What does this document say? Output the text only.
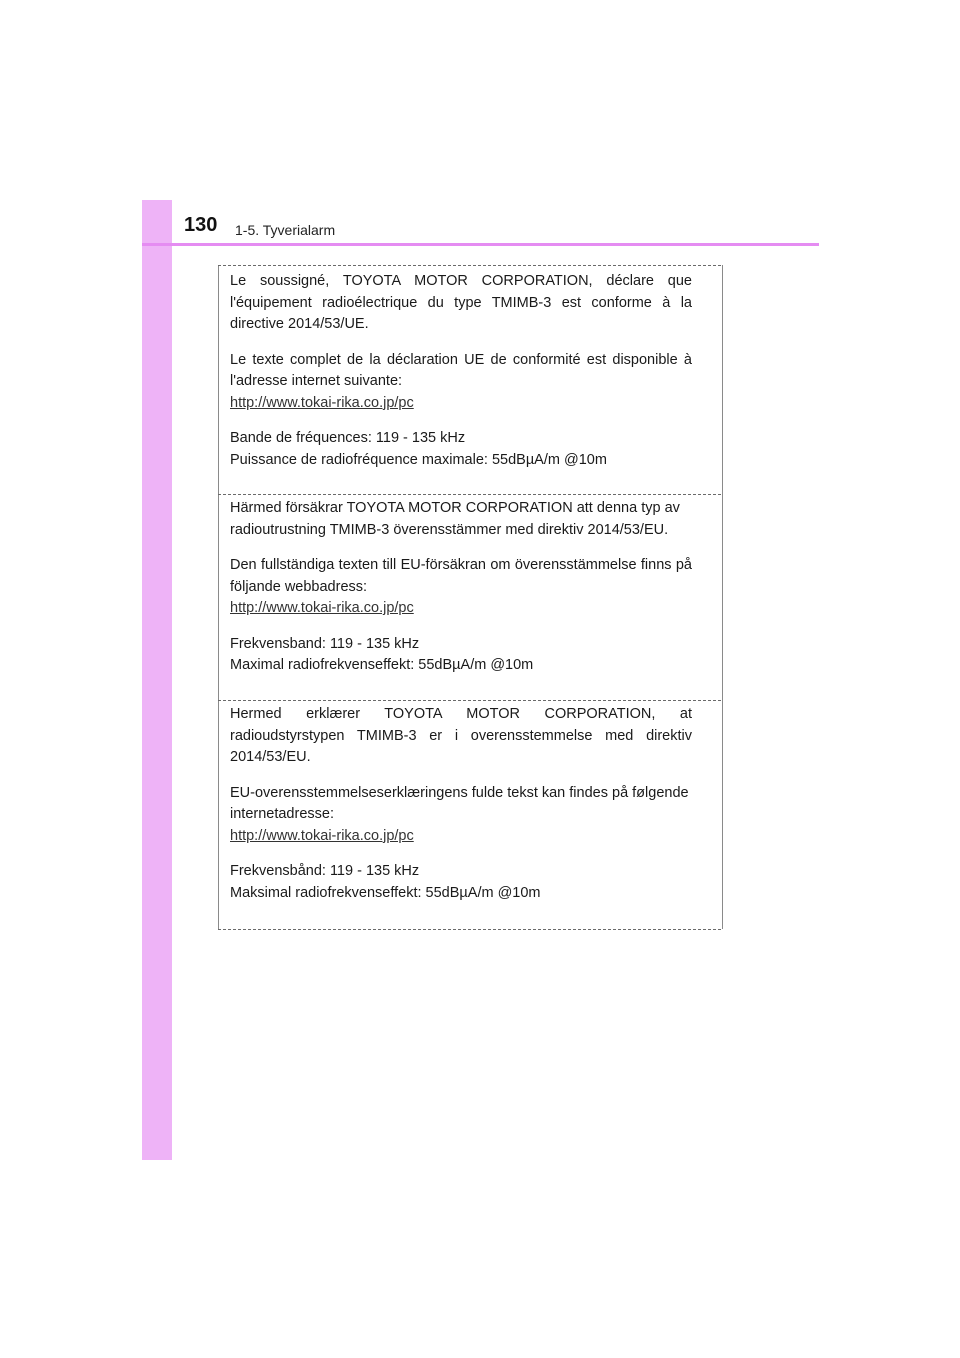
130 1-5. Tyverialarm

Le soussigné, TOYOTA MOTOR CORPORATION, déclare que l'équipement radioélectrique du type TMIMB-3 est conforme à la directive 2014/53/UE.

Le texte complet de la déclaration UE de conformité est disponible à l'adresse internet suivante:
http://www.tokai-rika.co.jp/pc

Bande de fréquences: 119 - 135 kHz
Puissance de radiofréquence maximale: 55dBµA/m @10m

Härmed försäkrar TOYOTA MOTOR CORPORATION att denna typ av radioutrustning TMIMB-3 överensstämmer med direktiv 2014/53/EU.

Den fullständiga texten till EU-försäkran om överensstämmelse finns på följande webbadress:
http://www.tokai-rika.co.jp/pc

Frekvensband: 119 - 135 kHz
Maximal radiofrekvenseffekt: 55dBµA/m @10m

Hermed erklærer TOYOTA MOTOR CORPORATION, at radioudstyrstypen TMIMB-3 er i overensstemmelse med direktiv 2014/53/EU.

EU-overensstemmelseserklæringens fulde tekst kan findes på følgende internetadresse:
http://www.tokai-rika.co.jp/pc

Frekvensbånd: 119 - 135 kHz
Maksimal radiofrekvenseffekt: 55dBµA/m @10m
